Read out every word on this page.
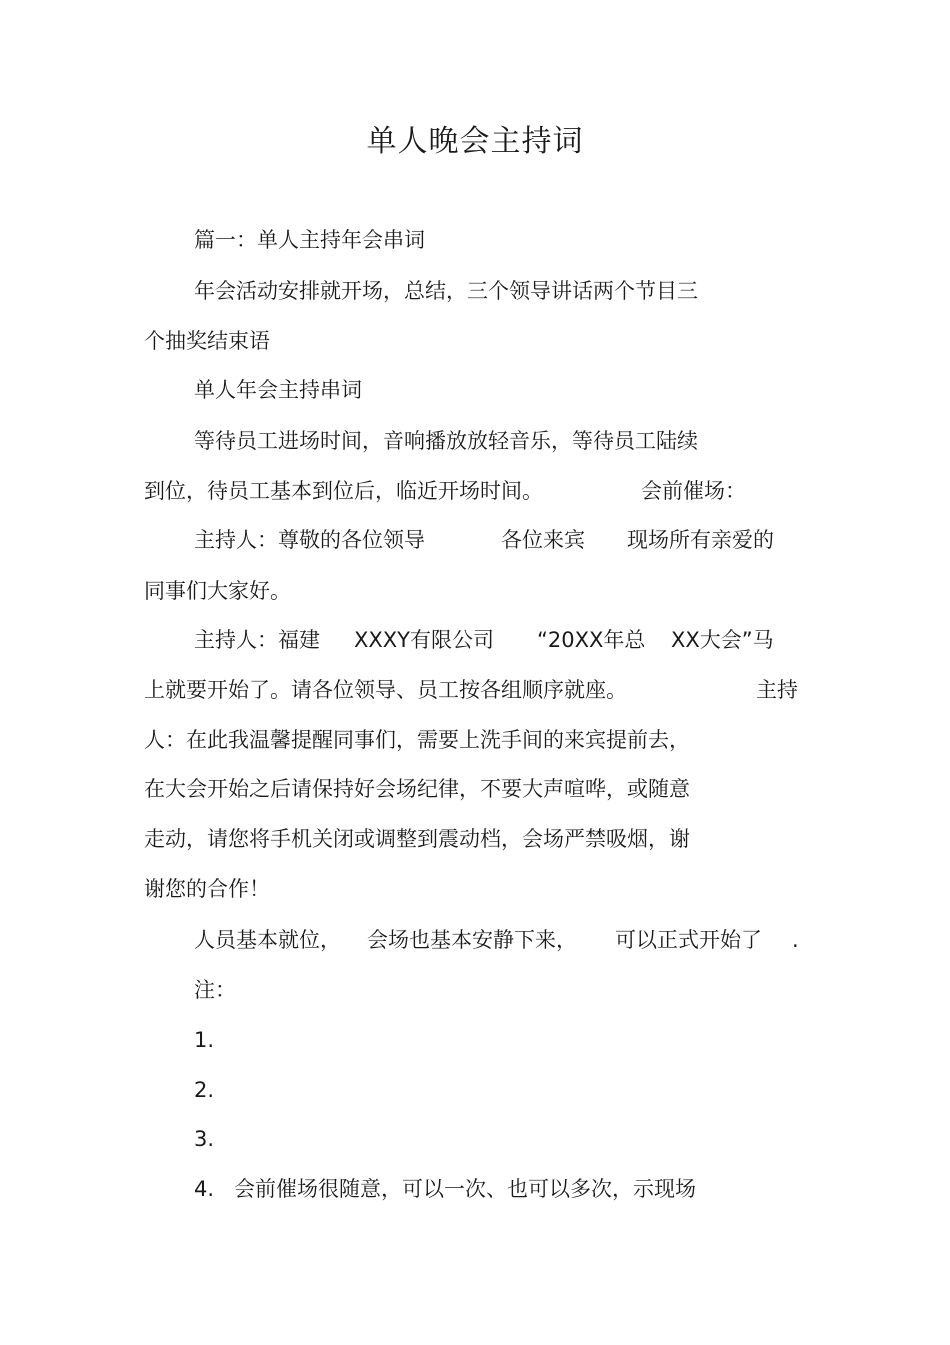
单人晚会主持词
篇一：单人主持年会串词
年会活动安排就开场，总结，三个领导讲话两个节目三
个抽奖结束语
单人年会主持串词
等待员工进场时间，音响播放放轻音乐，等待员工陆续
到位，待员工基本到位后，临近开场时间。	会前催场：
主持人：尊敬的各位领导	各位来宾 现场所有亲爱的
同事们大家好。
主持人：福建 XXXY有限公司 “20XX年总 XX大会”马
上就要开始了。请各位领导、员工按各组顺序就座。	主持
人：在此我温馨提醒同事们，需要上洗手间的来宾提前去，
在大会开始之后请保持好会场纪律，不要大声喧哗，或随意
走动，请您将手机关闭或调整到震动档，会场严禁吸烟，谢
谢您的合作！
人员基本就位， 会场也基本安静下来， 可以正式开始了 .
注：
1.
2.
3.
4. 会前催场很随意，可以一次、也可以多次，示现场
